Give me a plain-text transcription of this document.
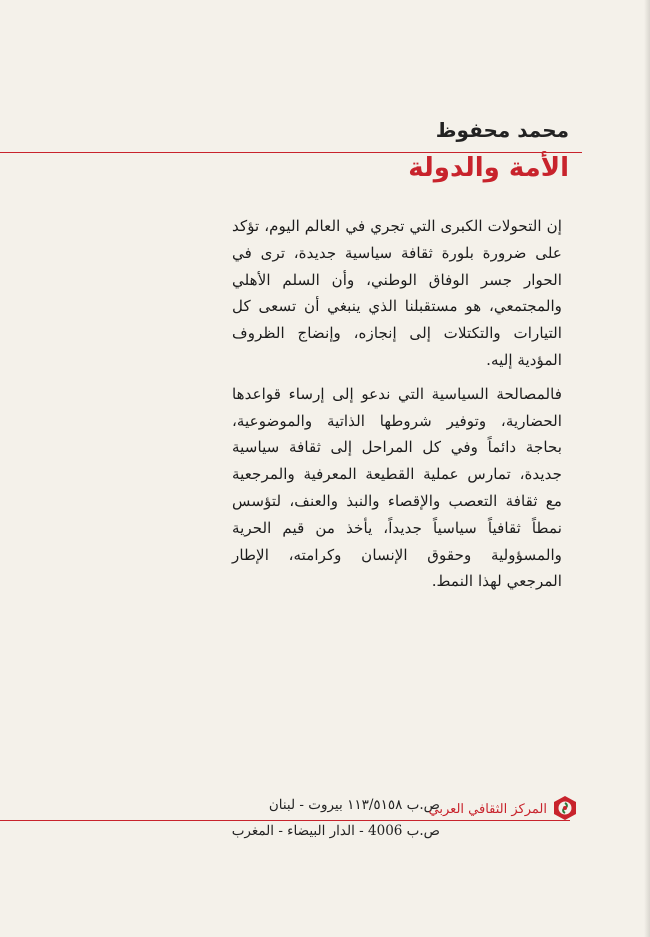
محمد محفوظ
الأمة والدولة

إن التحولات الكبرى التي تجري في العالم اليوم، تؤكد على ضرورة بلورة ثقافة سياسية جديدة، ترى في الحوار جسر الوفاق الوطني، وأن السلم الأهلي والمجتمعي، هو مستقبلنا الذي ينبغي أن تسعى كل التيارات والتكتلات إلى إنجازه، وإنضاج الظروف المؤدية إليه.

فالمصالحة السياسية التي ندعو إلى إرساء قواعدها الحضارية، وتوفير شروطها الذاتية والموضوعية، بحاجة دائماً وفي كل المراحل إلى ثقافة سياسية جديدة، تمارس عملية القطيعة المعرفية والمرجعية مع ثقافة التعصب والإقصاء والنبذ والعنف، لتؤسس نمطاً ثقافياً سياسياً جديداً، يأخذ من قيم الحرية والمسؤولية وحقوق الإنسان وكرامته، الإطار المرجعي لهذا النمط.

ص.ب ١١٣/٥١٥٨ بيروت - لبنان
ص.ب 4006 - الدار البيضاء - المغرب
المركز الثقافي العربي
